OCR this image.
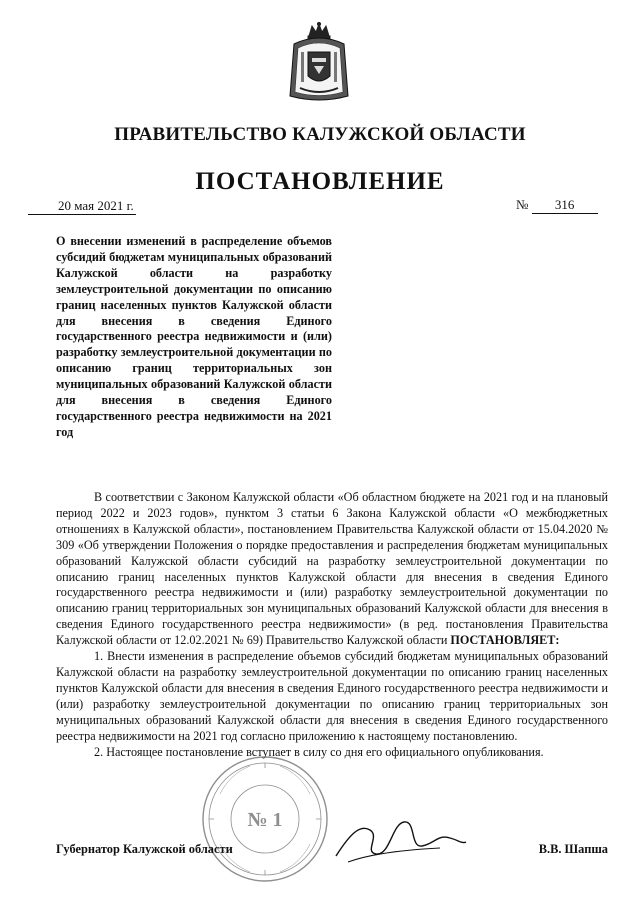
ПРАВИТЕЛЬСТВО КАЛУЖСКОЙ ОБЛАСТИ
ПОСТАНОВЛЕНИЕ
20 мая 2021 г.	№ 316
О внесении изменений в распределение объемов субсидий бюджетам муниципальных образований Калужской области на разработку землеустроительной документации по описанию границ населенных пунктов Калужской области для внесения в сведения Единого государственного реестра недвижимости и (или) разработку землеустроительной документации по описанию границ территориальных зон муниципальных образований Калужской области для внесения в сведения Единого государственного реестра недвижимости на 2021 год

В соответствии с Законом Калужской области «Об областном бюджете на 2021 год и на плановый период 2022 и 2023 годов», пунктом 3 статьи 6 Закона Калужской области «О межбюджетных отношениях в Калужской области», постановлением Правительства Калужской области от 15.04.2020 № 309 «Об утверждении Положения о порядке предоставления и распределения бюджетам муниципальных образований Калужской области субсидий на разработку землеустроительной документации по описанию границ населенных пунктов Калужской области для внесения в сведения Единого государственного реестра недвижимости и (или) разработку землеустроительной документации по описанию границ территориальных зон муниципальных образований Калужской области для внесения в сведения Единого государственного реестра недвижимости» (в ред. постановления Правительства Калужской области от 12.02.2021 № 69) Правительство Калужской области ПОСТАНОВЛЯЕТ:

1. Внести изменения в распределение объемов субсидий бюджетам муниципальных образований Калужской области на разработку землеустроительной документации по описанию границ населенных пунктов Калужской области для внесения в сведения Единого государственного реестра недвижимости и (или) разработку землеустроительной документации по описанию границ территориальных зон муниципальных образований Калужской области для внесения в сведения Единого государственного реестра недвижимости на 2021 год согласно приложению к настоящему постановлению.

2. Настоящее постановление вступает в силу со дня его официального опубликования.

№ 1
Губернатор Калужской области	В.В. Шапша
